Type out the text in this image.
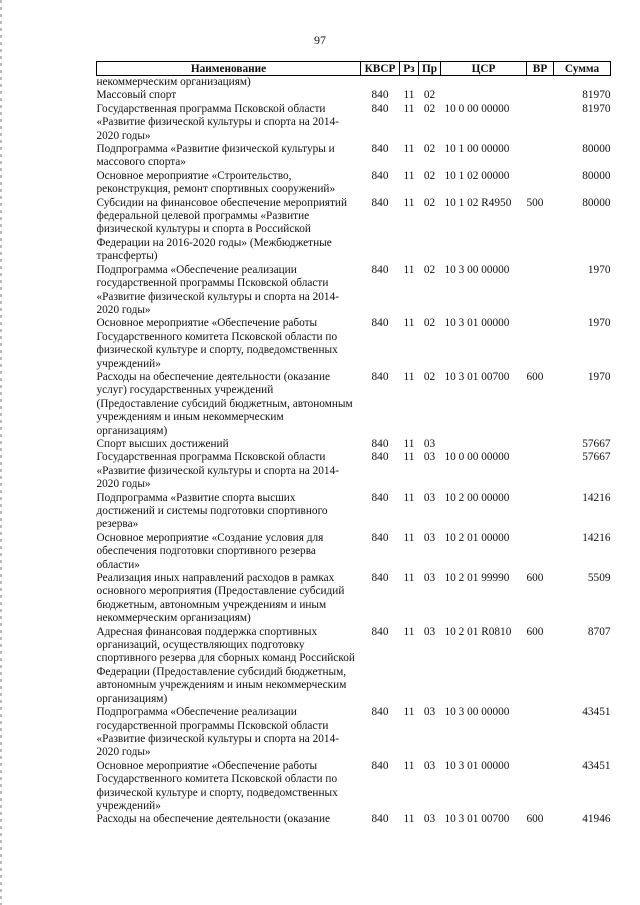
97
Наименование	КВСР	Рз	Пр	ЦСР	ВР	Сумма
некоммерческим организациям)						
Массовый спорт	840	11	02			81970
Государственная программа Псковской области «Развитие физической культуры и спорта на 2014-2020 годы»	840	11	02	10 0 00 00000		81970
Подпрограмма «Развитие физической культуры и массового спорта»	840	11	02	10 1 00 00000		80000
Основное мероприятие «Строительство, реконструкция, ремонт спортивных сооружений»	840	11	02	10 1 02 00000		80000
Субсидии на финансовое обеспечение мероприятий федеральной целевой программы «Развитие физической культуры и спорта в Российской Федерации на 2016-2020 годы» (Межбюджетные трансферты)	840	11	02	10 1 02 R4950	500	80000
Подпрограмма «Обеспечение реализации государственной программы Псковской области «Развитие физической культуры и спорта на 2014-2020 годы»	840	11	02	10 3 00 00000		1970
Основное мероприятие «Обеспечение работы Государственного комитета Псковской области по физической культуре и спорту, подведомственных учреждений»	840	11	02	10 3 01 00000		1970
Расходы на обеспечение деятельности (оказание услуг) государственных учреждений (Предоставление субсидий бюджетным, автономным учреждениям и иным некоммерческим организациям)	840	11	02	10 3 01 00700	600	1970
Спорт высших достижений	840	11	03			57667
Государственная программа Псковской области «Развитие физической культуры и спорта на 2014-2020 годы»	840	11	03	10 0 00 00000		57667
Подпрограмма «Развитие спорта высших достижений и системы подготовки спортивного резерва»	840	11	03	10 2 00 00000		14216
Основное мероприятие «Создание условия для обеспечения подготовки спортивного резерва области»	840	11	03	10 2 01 00000		14216
Реализация иных направлений расходов в рамках основного мероприятия (Предоставление субсидий бюджетным, автономным учреждениям и иным некоммерческим организациям)	840	11	03	10 2 01 99990	600	5509
Адресная финансовая поддержка спортивных организаций, осуществляющих подготовку спортивного резерва для сборных команд Российской Федерации (Предоставление субсидий бюджетным, автономным учреждениям и иным некоммерческим организациям)	840	11	03	10 2 01 R0810	600	8707
Подпрограмма «Обеспечение реализации государственной программы Псковской области «Развитие физической культуры и спорта на 2014-2020 годы»	840	11	03	10 3 00 00000		43451
Основное мероприятие «Обеспечение работы Государственного комитета Псковской области по физической культуре и спорту, подведомственных учреждений»	840	11	03	10 3 01 00000		43451
Расходы на обеспечение деятельности (оказание	840	11	03	10 3 01 00700	600	41946
